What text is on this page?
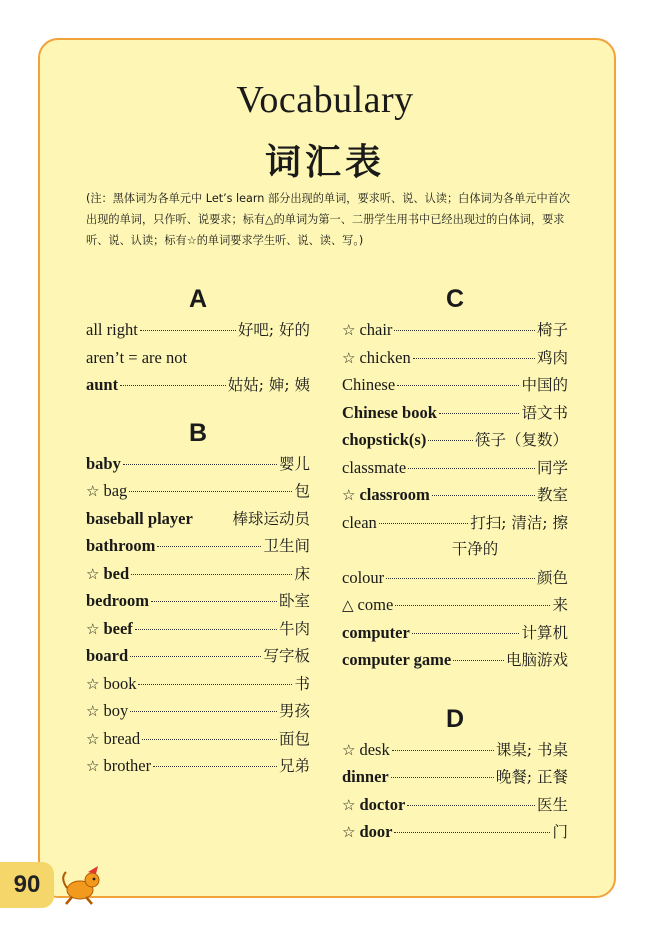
Vocabulary
词汇表

(注：黑体词为各单元中 Let’s learn 部分出现的单词，要求听、说、认读；白体词为各单元中首次出现的单词，只作听、说要求；标有△的单词为第一、二册学生用书中已经出现过的白体词，要求听、说、认读；标有☆的单词要求学生听、说、读、写。)

A
all right	好吧; 好的
aren’t = are not
aunt	姑姑; 婶; 姨
B
baby	婴儿
☆ bag	包
baseball player	棒球运动员
bathroom	卫生间
☆ bed	床
bedroom	卧室
☆ beef	牛肉
board	写字板
☆ book	书
☆ boy	男孩
☆ bread	面包
☆ brother	兄弟
C
☆ chair	椅子
☆ chicken	鸡肉
Chinese	中国的
Chinese book	语文书
chopstick(s)	筷子（复数）
classmate	同学
☆ classroom	教室
clean	打扫; 清洁; 擦
干净的
colour	颜色
△ come	来
computer	计算机
computer game	电脑游戏
D
☆ desk	课桌; 书桌
dinner	晚餐; 正餐
☆ doctor	医生
☆ door	门
90
